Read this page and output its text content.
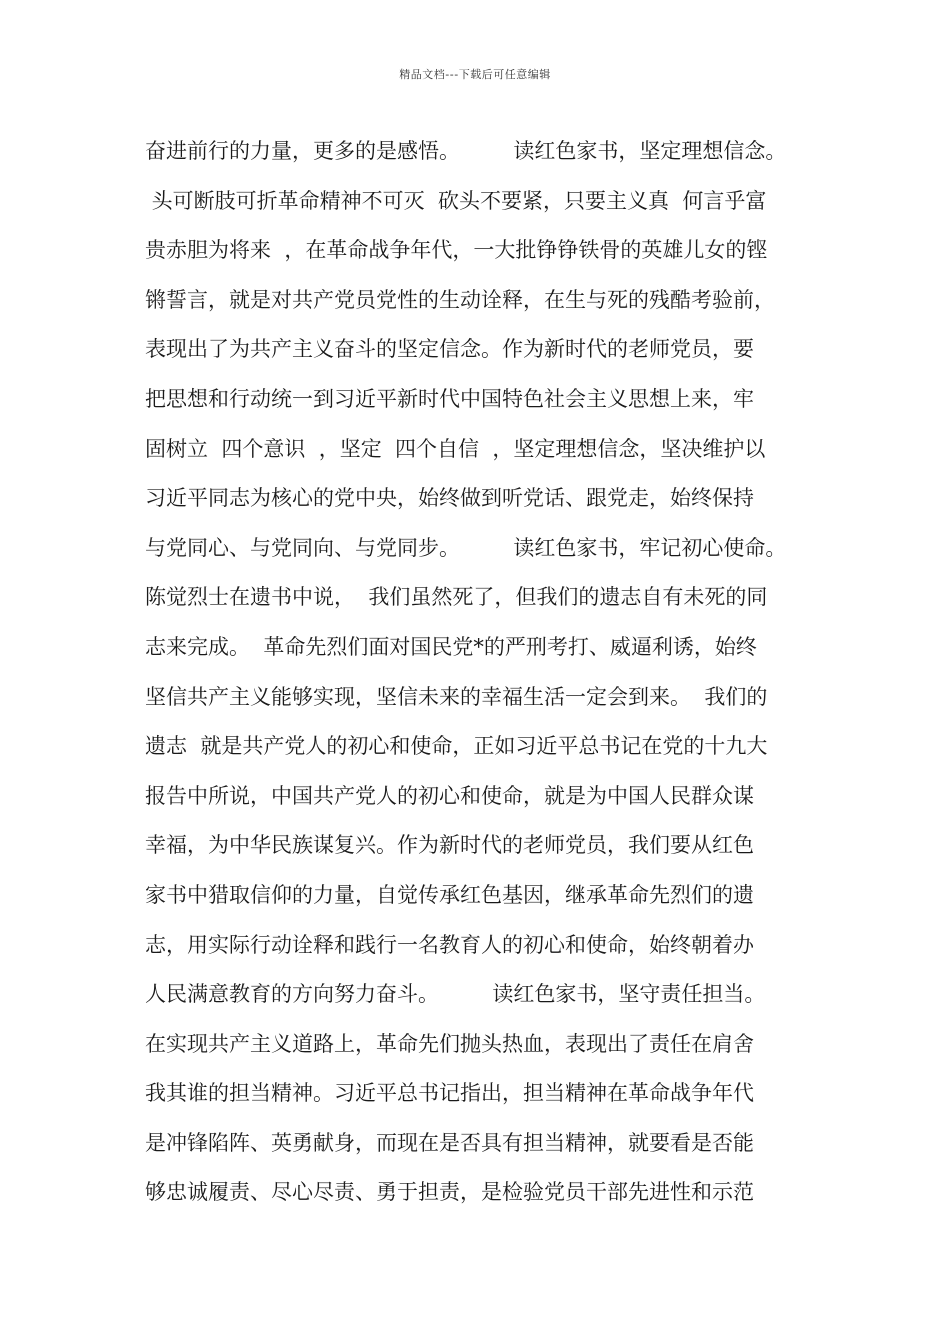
精品文档---下载后可任意编辑
奋进前行的力量，更多的是感悟。        读红色家书，坚定理想信念。
头可断肢可折革命精神不可灭  砍头不要紧，只要主义真  何言乎富
贵赤胆为将来  ，在革命战争年代，一大批铮铮铁骨的英雄儿女的铿
锵誓言，就是对共产党员党性的生动诠释，在生与死的残酷考验前，
表现出了为共产主义奋斗的坚定信念。作为新时代的老师党员，要
把思想和行动统一到习近平新时代中国特色社会主义思想上来，牢
固树立  四个意识  ，坚定  四个自信  ，坚定理想信念，坚决维护以
习近平同志为核心的党中央，始终做到听党话、跟党走，始终保持
与党同心、与党同向、与党同步。        读红色家书，牢记初心使命。
陈觉烈士在遗书中说，  我们虽然死了，但我们的遗志自有未死的同
志来完成。  革命先烈们面对国民党*的严刑考打、威逼利诱，始终
坚信共产主义能够实现，坚信未来的幸福生活一定会到来。  我们的
遗志  就是共产党人的初心和使命，正如习近平总书记在党的十九大
报告中所说，中国共产党人的初心和使命，就是为中国人民群众谋
幸福，为中华民族谋复兴。作为新时代的老师党员，我们要从红色
家书中猎取信仰的力量，自觉传承红色基因，继承革命先烈们的遗
志，用实际行动诠释和践行一名教育人的初心和使命，始终朝着办
人民满意教育的方向努力奋斗。        读红色家书，坚守责任担当。
在实现共产主义道路上，革命先们抛头热血，表现出了责任在肩舍
我其谁的担当精神。习近平总书记指出，担当精神在革命战争年代
是冲锋陷阵、英勇献身，而现在是否具有担当精神，就要看是否能
够忠诚履责、尽心尽责、勇于担责，是检验党员干部先进性和示范
